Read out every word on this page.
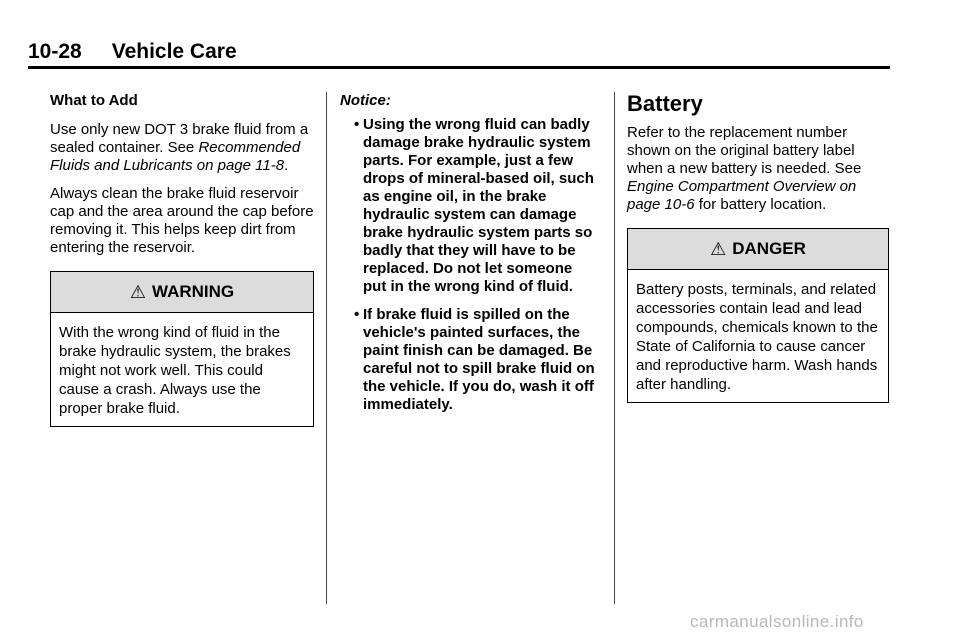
10-28 Vehicle Care
What to Add

Use only new DOT 3 brake fluid from a sealed container. See Recommended Fluids and Lubricants on page 11-8.

Always clean the brake fluid reservoir cap and the area around the cap before removing it. This helps keep dirt from entering the reservoir.

⚠ WARNING
With the wrong kind of fluid in the brake hydraulic system, the brakes might not work well. This could cause a crash. Always use the proper brake fluid.
Notice:
• Using the wrong fluid can badly damage brake hydraulic system parts. For example, just a few drops of mineral-based oil, such as engine oil, in the brake hydraulic system can damage brake hydraulic system parts so badly that they will have to be replaced. Do not let someone put in the wrong kind of fluid.
• If brake fluid is spilled on the vehicle's painted surfaces, the paint finish can be damaged. Be careful not to spill brake fluid on the vehicle. If you do, wash it off immediately.
Battery

Refer to the replacement number shown on the original battery label when a new battery is needed. See Engine Compartment Overview on page 10-6 for battery location.

⚠ DANGER
Battery posts, terminals, and related accessories contain lead and lead compounds, chemicals known to the State of California to cause cancer and reproductive harm. Wash hands after handling.
carmanualsonline.info
